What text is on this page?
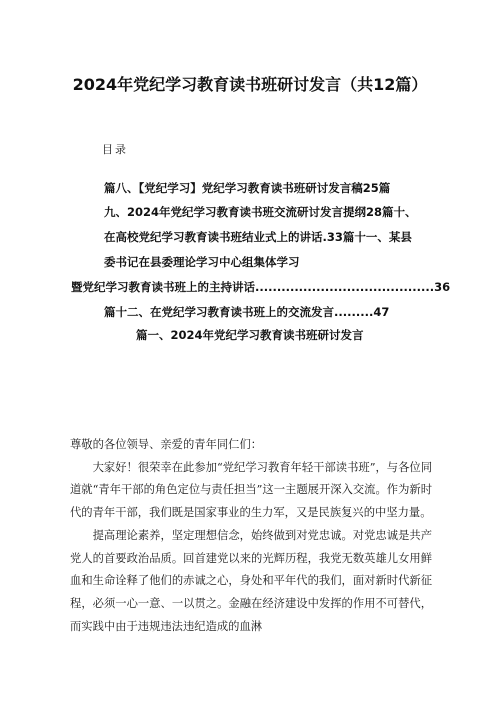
2024年党纪学习教育读书班研讨发言（共12篇）
目录
篇八、【党纪学习】党纪学习教育读书班研讨发言稿25篇
九、2024年党纪学习教育读书班交流研讨发言提纲28篇十、
在高校党纪学习教育读书班结业式上的讲话.33篇十一、某县
委书记在县委理论学习中心组集体学习
暨党纪学习教育读书班上的主持讲话.........................................36
篇十二、在党纪学习教育读书班上的交流发言.........47
篇一、2024年党纪学习教育读书班研讨发言

尊敬的各位领导、亲爱的青年同仁们：

大家好！很荣幸在此参加“党纪学习教育年轻干部读书班”，与各位同道就“青年干部的角色定位与责任担当”这一主题展开深入交流。作为新时代的青年干部，我们既是国家事业的生力军，又是民族复兴的中坚力量。

提高理论素养，坚定理想信念，始终做到对党忠诚。对党忠诚是共产党人的首要政治品质。回首建党以来的光辉历程，我党无数英雄儿女用鲜血和生命诠释了他们的赤诚之心，身处和平年代的我们，面对新时代新征程，必须一心一意、一以贯之。金融在经济建设中发挥的作用不可替代，而实践中由于违规违法违纪造成的血淋
